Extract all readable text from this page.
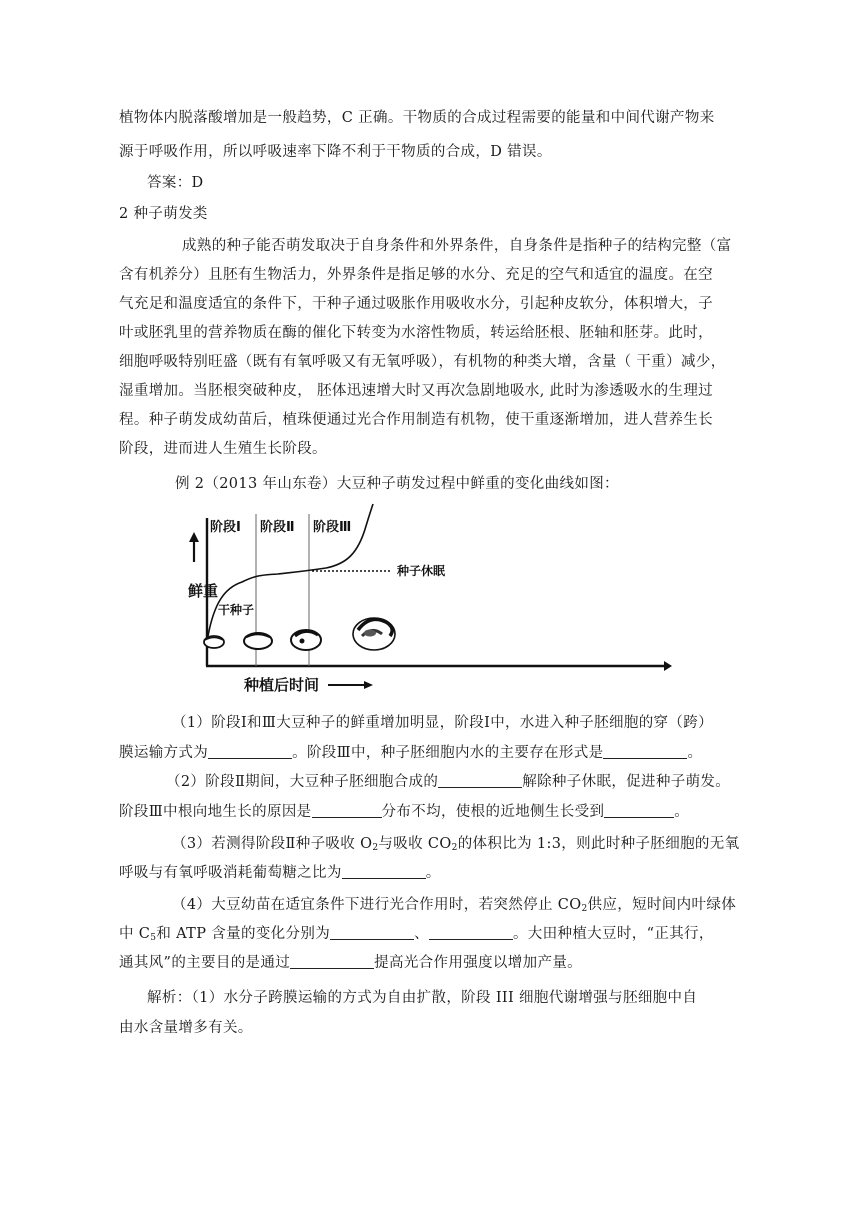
植物体内脱落酸增加是一般趋势，C 正确。干物质的合成过程需要的能量和中间代谢产物来
源于呼吸作用，所以呼吸速率下降不利于干物质的合成，D 错误。
答案：D
2 种子萌发类
成熟的种子能否萌发取决于自身条件和外界条件，自身条件是指种子的结构完整（富
含有机养分）且胚有生物活力，外界条件是指足够的水分、充足的空气和适宜的温度。在空
气充足和温度适宜的条件下，干种子通过吸胀作用吸收水分，引起种皮软分，体积增大，子
叶或胚乳里的营养物质在酶的催化下转变为水溶性物质，转运给胚根、胚轴和胚芽。此时，
细胞呼吸特别旺盛（既有有氧呼吸又有无氧呼吸），有机物的种类大增，含量（ 干重）减少，
湿重增加。当胚根突破种皮， 胚体迅速增大时又再次急剧地吸水, 此时为渗透吸水的生理过
程。种子萌发成幼苗后，植珠便通过光合作用制造有机物，使干重逐渐增加，进人营养生长
阶段，进而进人生殖生长阶段。
例 2（2013 年山东卷）大豆种子萌发过程中鲜重的变化曲线如图：
阶段Ⅰ 阶段Ⅱ 阶段Ⅲ
鲜重
种植后时间
种子休眠
干种子
（1）阶段Ⅰ和Ⅲ大豆种子的鲜重增加明显，阶段Ⅰ中，水进入种子胚细胞的穿（跨）
膜运输方式为	。阶段Ⅲ中，种子胚细胞内水的主要存在形式是	。
（2）阶段Ⅱ期间，大豆种子胚细胞合成的	解除种子休眠，促进种子萌发。
阶段Ⅲ中根向地生长的原因是	分布不均，使根的近地侧生长受到	。
（3）若测得阶段Ⅱ种子吸收 $O_2$与吸收 $CO_2$的体积比为 1:3，则此时种子胚细胞的无氧
呼吸与有氧呼吸消耗葡萄糖之比为	。
（4）大豆幼苗在适宜条件下进行光合作用时，若突然停止 $CO_2$供应，短时间内叶绿体
中 $C_5$和 ATP 含量的变化分别为	、	。大田种植大豆时，“正其行，
通其风”的主要目的是通过	提高光合作用强度以增加产量。
解析：（1）水分子跨膜运输的方式为自由扩散，阶段 III 细胞代谢增强与胚细胞中自
由水含量增多有关。
